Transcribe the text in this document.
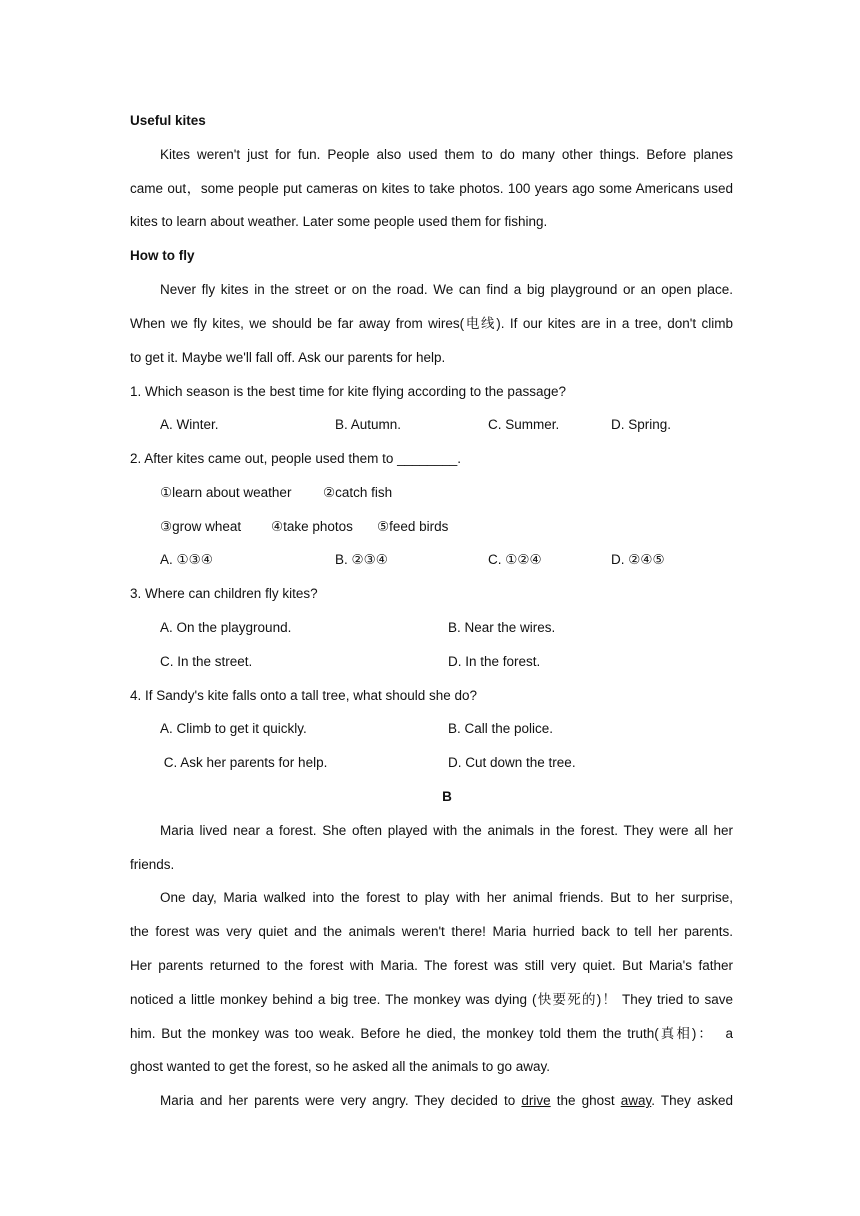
Useful kites
Kites weren't just for fun. People also used them to do many other things. Before planes
came out，some people put cameras on kites to take photos. 100 years ago some Americans used
kites to learn about weather. Later some people used them for fishing.
How to fly
Never fly kites in the street or on the road. We can find a big playground or an open place.
When we fly kites, we should be far away from wires(电线). If our kites are in a tree, don't climb
to get it. Maybe we'll fall off. Ask our parents for help.
1. Which season is the best time for kite flying according to the passage?
A. Winter.	B. Autumn.	C. Summer.	D. Spring.
2. After kites came out, people used them to ________.
①learn about weather ②catch fish
③grow wheat ④take photos ⑤feed birds
A. ①③④	B. ②③④	C. ①②④	D. ②④⑤
3. Where can children fly kites?
A. On the playground.	B. Near the wires.
C. In the street.	D. In the forest.
4. If Sandy's kite falls onto a tall tree, what should she do?
A. Climb to get it quickly.	B. Call the police.
C. Ask her parents for help.	D. Cut down the tree.
B
Maria lived near a forest. She often played with the animals in the forest. They were all her
friends.
One day, Maria walked into the forest to play with her animal friends. But to her surprise,
the forest was very quiet and the animals weren't there! Maria hurried back to tell her parents.
Her parents returned to the forest with Maria. The forest was still very quiet. But Maria's father
noticed a little monkey behind a big tree. The monkey was dying (快要死的)！ They tried to save
him. But the monkey was too weak. Before he died, the monkey told them the truth(真相)：  a
ghost wanted to get the forest, so he asked all the animals to go away.
Maria and her parents were very angry. They decided to drive the ghost away. They asked
